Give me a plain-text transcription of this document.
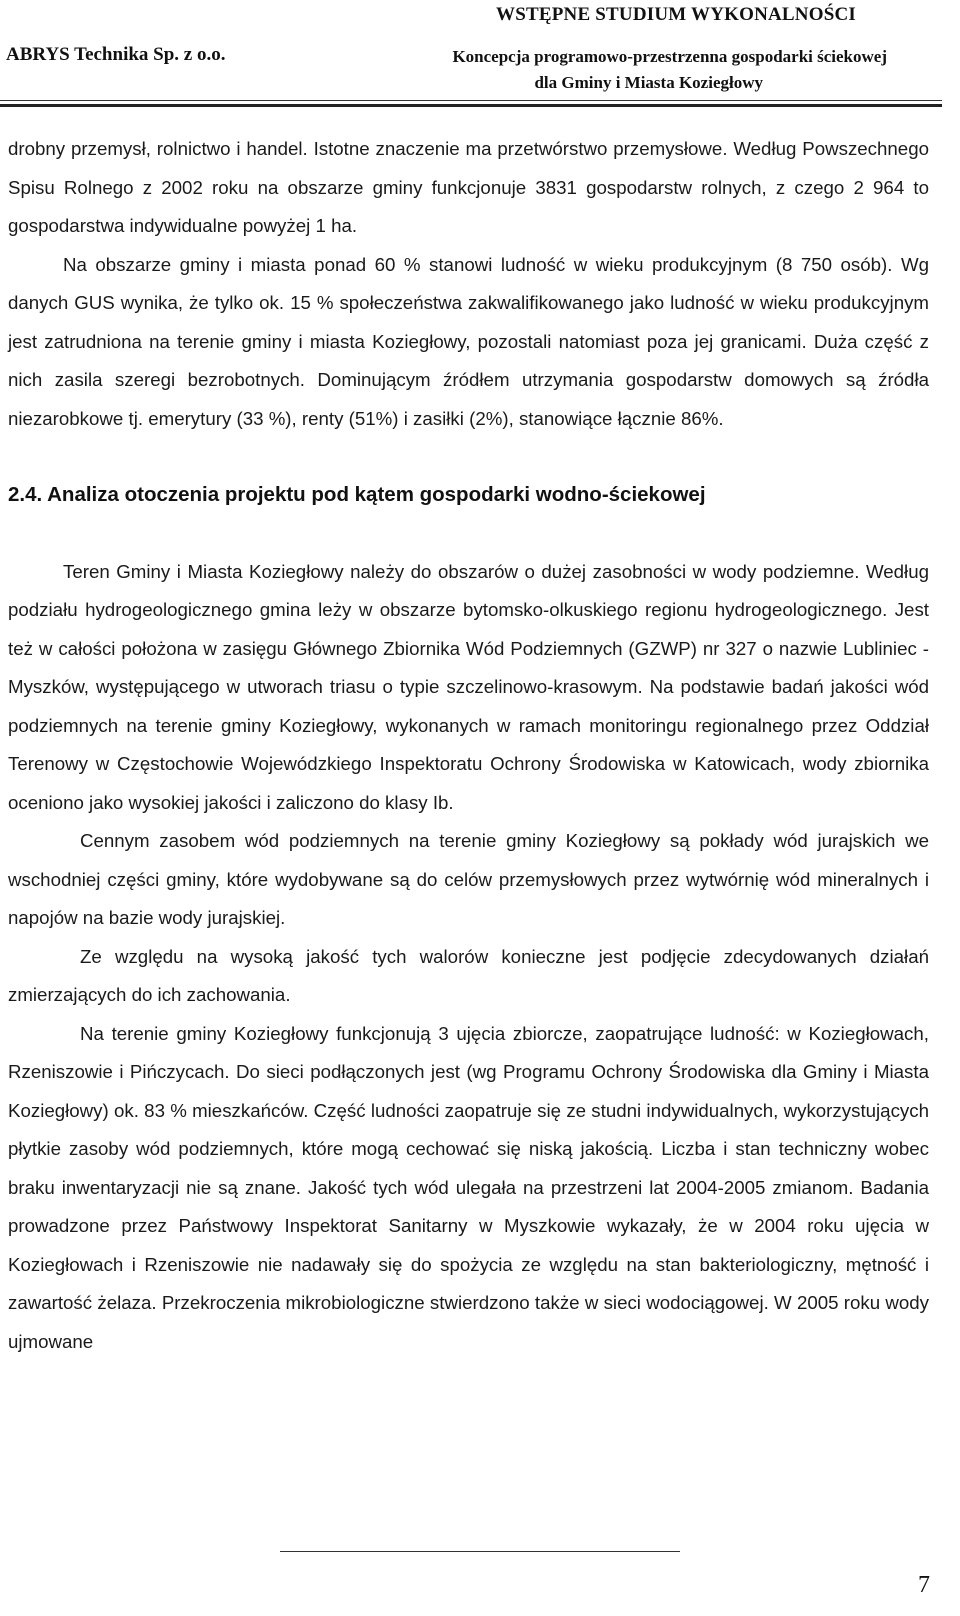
WSTĘPNE STUDIUM WYKONALNOŚCI
ABRYS Technika Sp. z o.o.	Koncepcja programowo-przestrzenna gospodarki ściekowej
dla Gminy i Miasta Koziegłowy

drobny przemysł, rolnictwo i handel. Istotne znaczenie ma przetwórstwo przemysłowe. Według Powszechnego Spisu Rolnego z 2002 roku na obszarze gminy funkcjonuje 3831 gospodarstw rolnych, z czego 2 964 to gospodarstwa indywidualne powyżej 1 ha.

Na obszarze gminy i miasta ponad 60 % stanowi ludność w wieku produkcyjnym (8 750 osób). Wg danych GUS wynika, że tylko ok. 15 % społeczeństwa zakwalifikowanego jako ludność w wieku produkcyjnym jest zatrudniona na terenie gminy i miasta Koziegłowy, pozostali natomiast poza jej granicami. Duża część z nich zasila szeregi bezrobotnych. Dominującym źródłem utrzymania gospodarstw domowych są źródła niezarobkowe tj. emerytury (33 %), renty (51%) i zasiłki (2%), stanowiące łącznie 86%.

2.4. Analiza otoczenia projektu pod kątem gospodarki wodno-ściekowej

Teren Gminy i Miasta Koziegłowy należy do obszarów o dużej zasobności w wody podziemne. Według podziału hydrogeologicznego gmina leży w obszarze bytomsko-olkuskiego regionu hydrogeologicznego. Jest też w całości położona w zasięgu Głównego Zbiornika Wód Podziemnych (GZWP) nr 327 o nazwie Lubliniec - Myszków, występującego w utworach triasu o typie szczelinowo-krasowym. Na podstawie badań jakości wód podziemnych na terenie gminy Koziegłowy, wykonanych w ramach monitoringu regionalnego przez Oddział Terenowy w Częstochowie Wojewódzkiego Inspektoratu Ochrony Środowiska w Katowicach, wody zbiornika oceniono jako wysokiej jakości i zaliczono do klasy Ib.

Cennym zasobem wód podziemnych na terenie gminy Koziegłowy są pokłady wód jurajskich we wschodniej części gminy, które wydobywane są do celów przemysłowych przez wytwórnię wód mineralnych i napojów na bazie wody jurajskiej.

Ze względu na wysoką jakość tych walorów konieczne jest podjęcie zdecydowanych działań zmierzających do ich zachowania.

Na terenie gminy Koziegłowy funkcjonują 3 ujęcia zbiorcze, zaopatrujące ludność: w Koziegłowach, Rzeniszowie i Pińczycach. Do sieci podłączonych jest (wg Programu Ochrony Środowiska dla Gminy i Miasta Koziegłowy) ok. 83 % mieszkańców. Część ludności zaopatruje się ze studni indywidualnych, wykorzystujących płytkie zasoby wód podziemnych, które mogą cechować się niską jakością. Liczba i stan techniczny wobec braku inwentaryzacji nie są znane. Jakość tych wód ulegała na przestrzeni lat 2004-2005 zmianom. Badania prowadzone przez Państwowy Inspektorat Sanitarny w Myszkowie wykazały, że w 2004 roku ujęcia w Koziegłowach i Rzeniszowie nie nadawały się do spożycia ze względu na stan bakteriologiczny, mętność i zawartość żelaza. Przekroczenia mikrobiologiczne stwierdzono także w sieci wodociągowej. W 2005 roku wody ujmowane

7
